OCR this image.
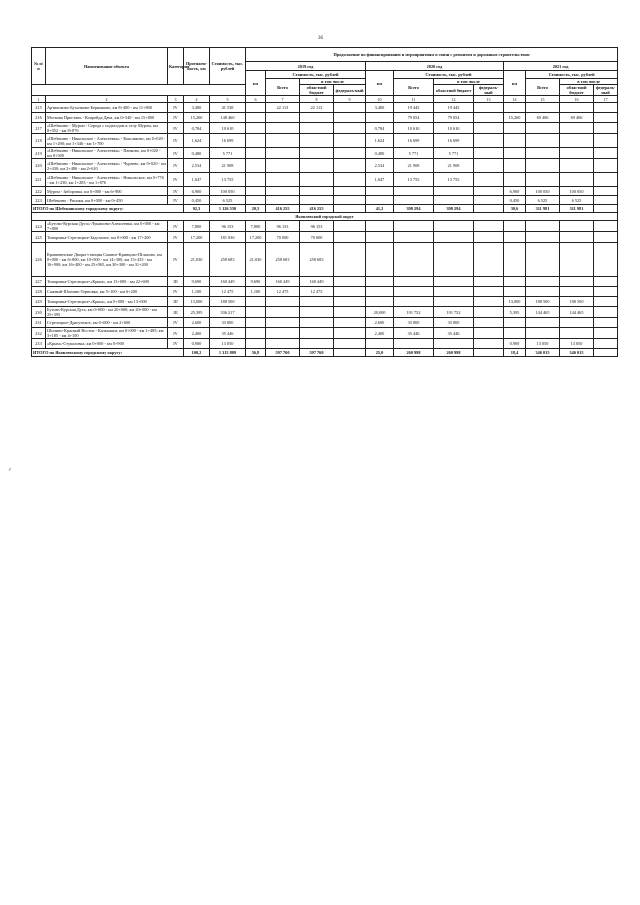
36
№ п/п	Наименование объекта	Категория	Протяжен-ность, км	Стоимость, тыс. рублей	Продолжение по финансированию и мероприятиям в связи с ремонтом и дорожным строительством											
					2019 год				2020 год				2021 год			
					км	Стоимость, тыс. рублей			км	Стоимость, тыс. рублей			км	Стоимость, тыс. рублей		
						Всего	в том числе			Всего	в том числе			Всего	в том числе	
							областной бюджет	федераль-ный			областной бюджет	федераль-ный			областной бюджет	федераль-ный
1	2	3	4	5	6	7	8	9	10	11	12	13	14	15	16	17
215	Артюшково-Бухалково-Бершаково, км 8+400 - км 11+800	IV	3,400	41 538		22 113	22 113		3,400	19 445	19 445					
216	Москова Пристань - Копрейда Дача, км 0+540 - км 15+800	IV	15,260	148 460						79 054	79 054		15,260	69 406	69 406	
217	«Шебекино - Муром - Середа с подъездом к селу Муром, км 8+052 - км 8+876	IV	0,784	10 610					0,784	10 610	10 610					
218	«Шебекино - Никольское - Алексеевка» - Кошлаково, км 0+020 - км 1+290; км 1+346 - км 1+700	IV	1,624	16 699					1,624	16 699	16 699					
219	«Шебекино - Никольское - Алексеевка» - Панково, км 0+020 - км 0+500	IV	0,480	5 771					0,480	5 771	5 771					
220	«Шебекино - Никольское - Алексеевка» - Чураево, км 0+020 - км 2+430; км 2+486 - км 2+610	IV	2,534	21 908					2,534	21 908	21 908					
221	«Шебекино - Никольское - Алексеевка» - Никольское, км 0+776 - км 1+230; км 1+283 - км 1+876	IV	1,047	13 755					1,047	13 755	13 755					
222	Муром - Заборовка, км 0+000 - км 6+900	IV	6,900	100 050									6,900	100 050	100 050	
223	Шебекино - Рисики, км 0+000 - км 0+450	IV	0,450	6 525									0,450	6 525	6 525	
ИТОГО по Шебекинскому городскому округу:			92,3	1 126 530	20,5	416 255	416 255		41,2	398 294	398 294		30,6	311 981	311 981	
Яковлевский городской округ																
224	«Бутово-Курская Дуга»-Лукашово-Алексеевка, км 0+000 - км 7+800	IV	7,800	96 153	7,800	96 153	96 153									
225	Томаровка-Стрелецкое-Задельное, км 0+000 - км 17+200	IV	17,200	181 036	17,200	70 000	70 000									
226	Крапивенские Дворы-станция Сажное-Кривцово-Шляхово, км 0+000 - км 6+800, км 10+500 - км 14+300, км 15+435 - км 16+900; км 16+400 - км 25+065, км 30+300 - км 31+200	IV	21,030	258 683	21,030	258 683	258 683									
227	Томаровка-Стрелецкое-«Крым», км 13+000 - км 22+690	III	9,690	160 449	9,690	160 449	160 449									
228	Сажный-Шопино-Терновка, км 5+100 - км 6+200	IV	1,100	12 475	1,100	12 475	12 475									
229	Томаровка-Стрелецкое-«Крым», км 0+000 - км 13+000	III	13,000	188 500									13,000	188 500	188 500	
230	Бутово-Курская Дуга, км 0+000 - км 20+000; км 20+000 - км 25+395	III	25,395	336 217					20,000	191 752	191 752		5,395	144 465	144 465	
231	Стрелецкое-Драгунское, км 0+000 - км 2+600	IV	2,600	33 800					2,600	33 800	33 800					
232	Шопино-Красный Восток - Кальмыки, км 0+000 - км 1+485; км 3+185 - км 4+100	IV	2,400	35 446					2,400	35 446	35 446					
233	«Крым»-Стукаловка, км 0+000 - км 0+900	IV	0,900	13 050									0,900	13 050	13 050	
ИТОГО по Яковлевскому городскому округу:			100,2	1 315 809	56,8	597 760	597 760		25,0	260 998	260 998		18,4	346 015	346 015	
✓
